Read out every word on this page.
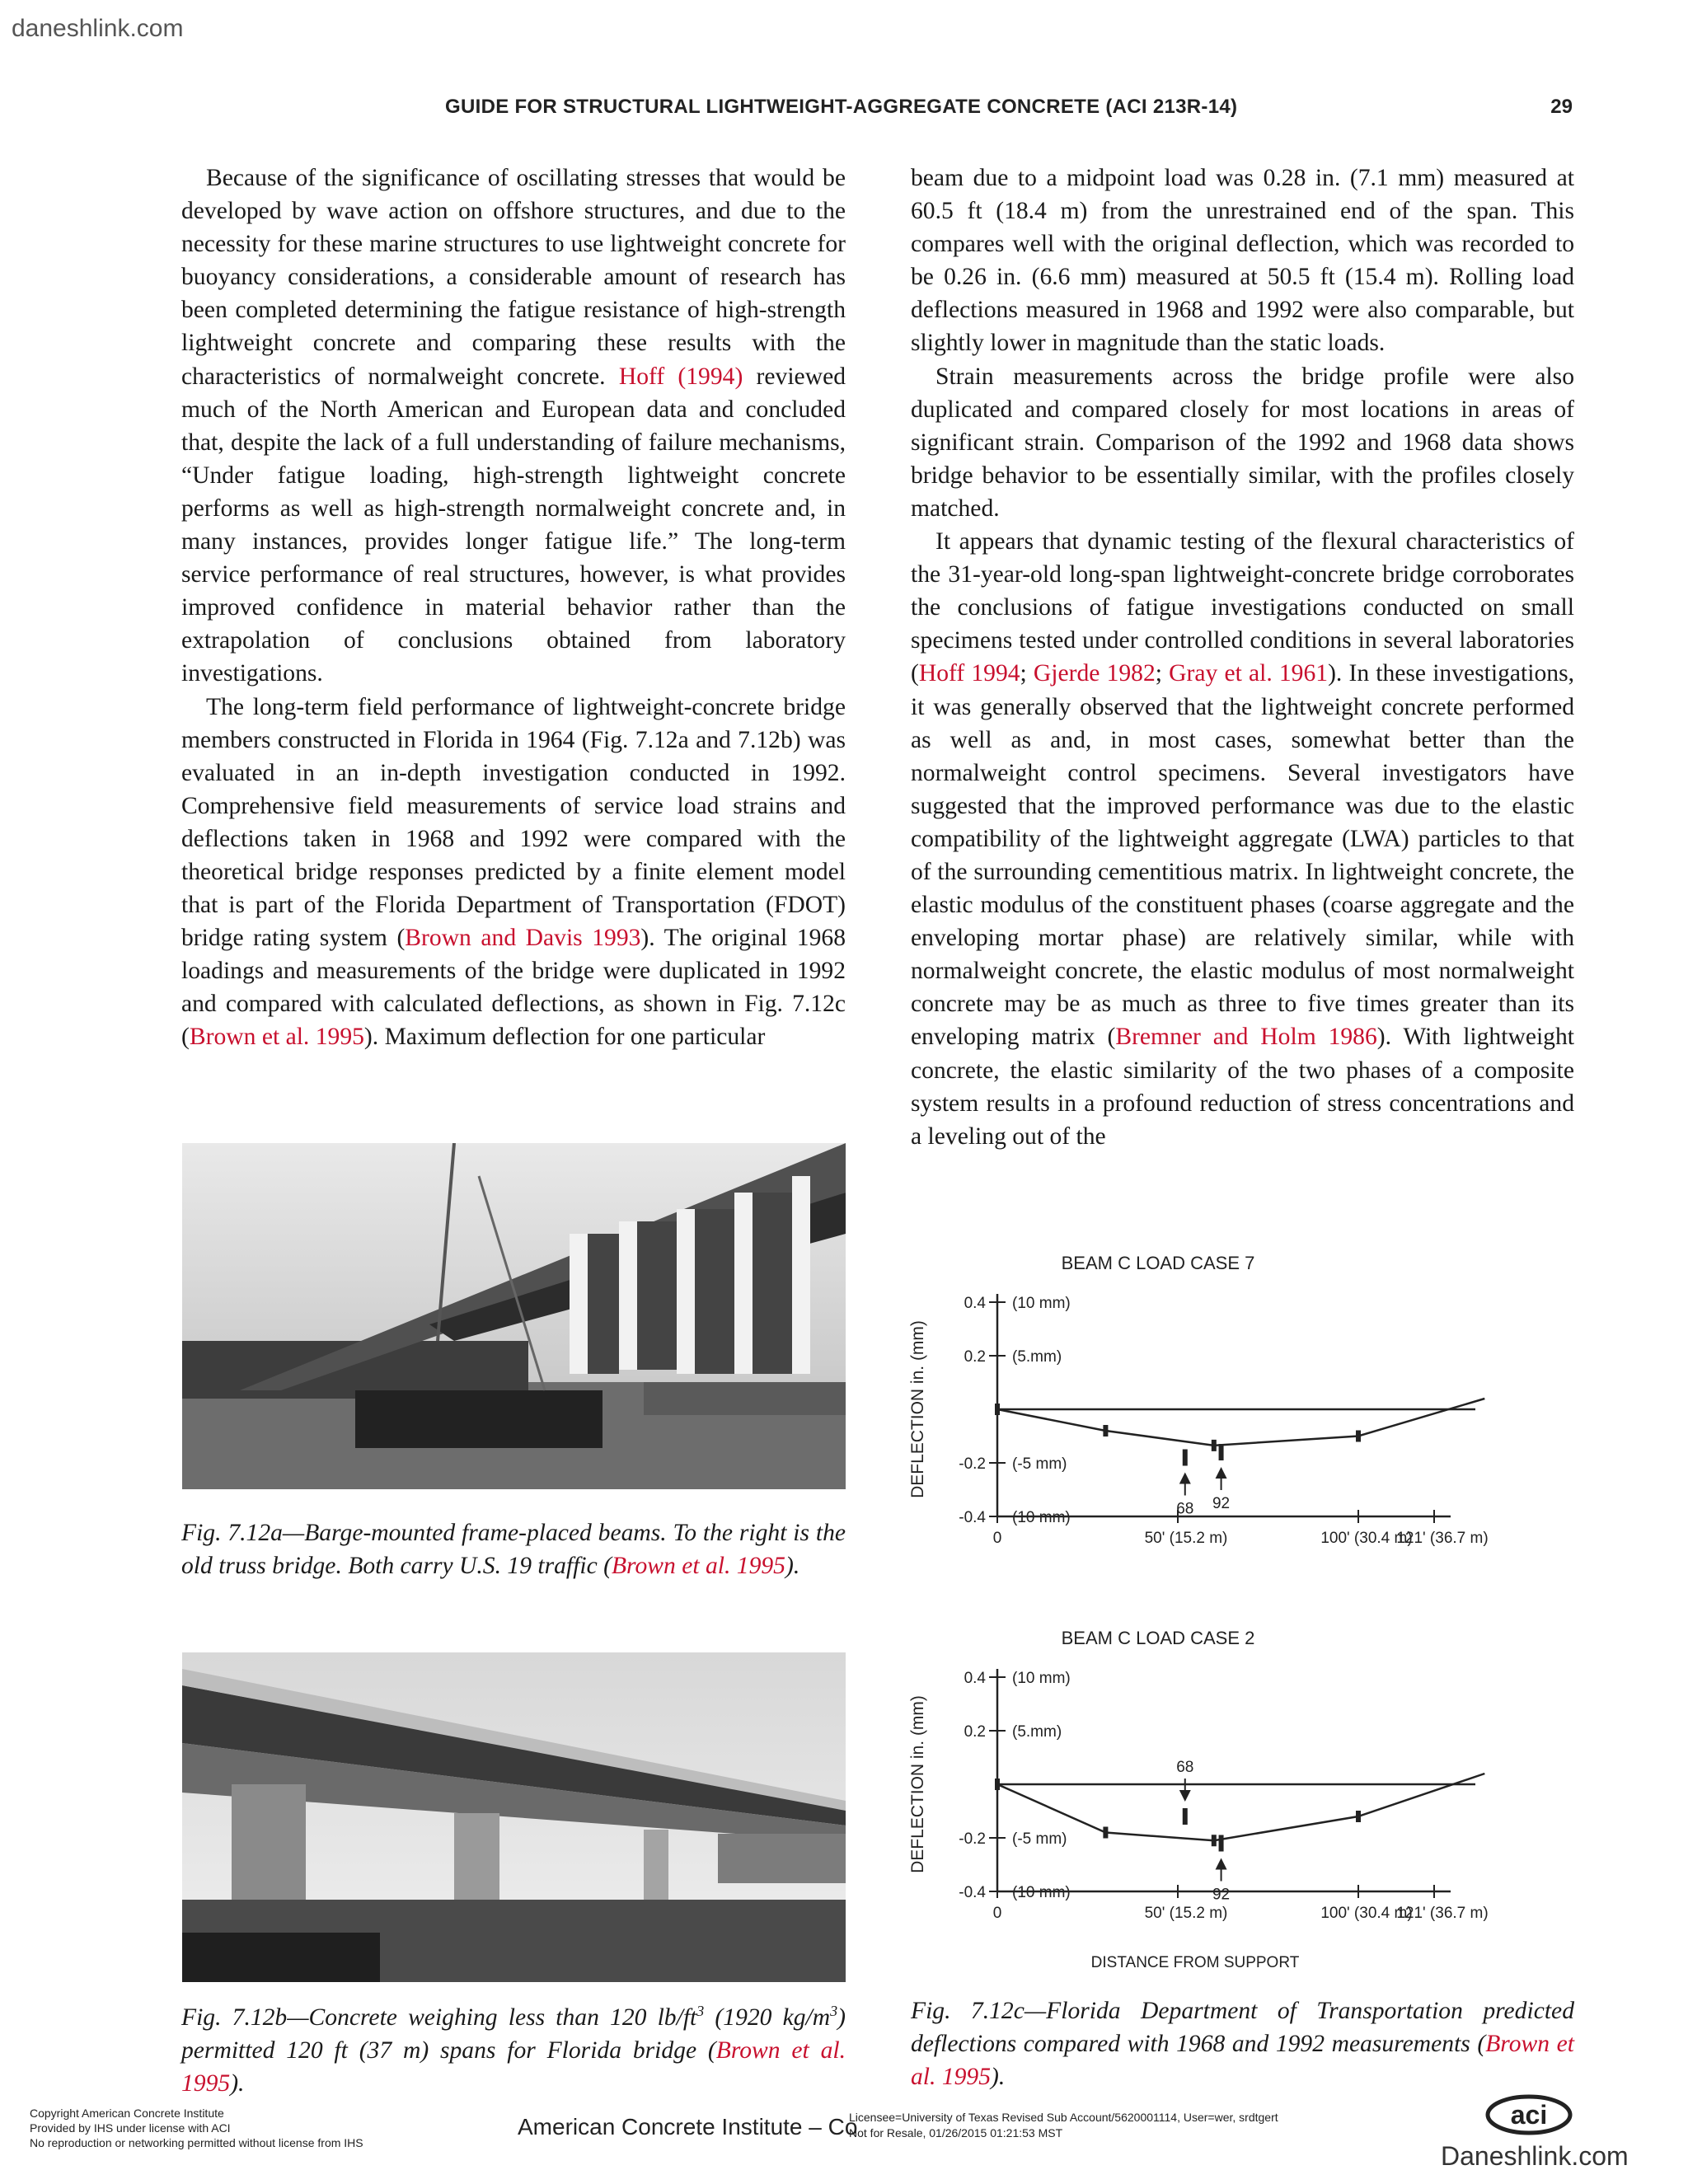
daneshlink.com
GUIDE FOR STRUCTURAL LIGHTWEIGHT-AGGREGATE CONCRETE (ACI 213R-14)	29

Because of the significance of oscillating stresses that would be developed by wave action on offshore structures, and due to the necessity for these marine structures to use lightweight concrete for buoyancy considerations, a considerable amount of research has been completed determining the fatigue resistance of high-strength lightweight concrete and comparing these results with the characteristics of normalweight concrete. Hoff (1994) reviewed much of the North American and European data and concluded that, despite the lack of a full understanding of failure mechanisms, “Under fatigue loading, high-strength lightweight concrete performs as well as high-strength normalweight concrete and, in many instances, provides longer fatigue life.” The long-term service performance of real structures, however, is what provides improved confidence in material behavior rather than the extrapolation of conclusions obtained from laboratory investigations.

The long-term field performance of lightweight-concrete bridge members constructed in Florida in 1964 (Fig. 7.12a and 7.12b) was evaluated in an in-depth investigation conducted in 1992. Comprehensive field measurements of service load strains and deflections taken in 1968 and 1992 were compared with the theoretical bridge responses predicted by a finite element model that is part of the Florida Department of Transportation (FDOT) bridge rating system (Brown and Davis 1993). The original 1968 loadings and measurements of the bridge were duplicated in 1992 and compared with calculated deflections, as shown in Fig. 7.12c (Brown et al. 1995). Maximum deflection for one particular

beam due to a midpoint load was 0.28 in. (7.1 mm) measured at 60.5 ft (18.4 m) from the unrestrained end of the span. This compares well with the original deflection, which was recorded to be 0.26 in. (6.6 mm) measured at 50.5 ft (15.4 m). Rolling load deflections measured in 1968 and 1992 were also comparable, but slightly lower in magnitude than the static loads.

Strain measurements across the bridge profile were also duplicated and compared closely for most locations in areas of significant strain. Comparison of the 1992 and 1968 data shows bridge behavior to be essentially similar, with the profiles closely matched.

It appears that dynamic testing of the flexural characteristics of the 31-year-old long-span lightweight-concrete bridge corroborates the conclusions of fatigue investigations conducted on small specimens tested under controlled conditions in several laboratories (Hoff 1994; Gjerde 1982; Gray et al. 1961). In these investigations, it was generally observed that the lightweight concrete performed as well as and, in most cases, somewhat better than the normalweight control specimens. Several investigators have suggested that the improved performance was due to the elastic compatibility of the lightweight aggregate (LWA) particles to that of the surrounding cementitious matrix. In lightweight concrete, the elastic modulus of the constituent phases (coarse aggregate and the enveloping mortar phase) are relatively similar, while with normalweight concrete, the elastic modulus of most normalweight concrete may be as much as three to five times greater than its enveloping matrix (Bremner and Holm 1986). With lightweight concrete, the elastic similarity of the two phases of a composite system results in a profound reduction of stress concentrations and a leveling out of the

Fig. 7.12a—Barge-mounted frame-placed beams. To the right is the old truss bridge. Both carry U.S. 19 traffic (Brown et al. 1995).
Fig. 7.12b—Concrete weighing less than 120 $lb/ft^3$ (1920 $kg/m^3$) permitted 120 ft (37 m) spans for Florida bridge (Brown et al. 1995).
BEAM C LOAD CASE 7
DEFLECTION in. (mm)
0.4 (10 mm)
0.2 (5.mm)
-0.2 (-5 mm)
-0.4 (10 mm)
0	50' (15.2 m)	100' (30.4 m)
121' (36.7 m)
68 92
BEAM C LOAD CASE 2
DEFLECTION in. (mm)
0.4 (10 mm)
0.2 (5.mm)
-0.2 (-5 mm)
-0.4 (10 mm)
0	50' (15.2 m)	100' (30.4 m)
121' (36.7 m)
DISTANCE FROM SUPPORT
68
92
Fig. 7.12c—Florida Department of Transportation predicted deflections compared with 1968 and 1992 measurements (Brown et al. 1995).
Copyright American Concrete Institute
Provided by IHS under license with ACI
No reproduction or networking permitted without license from IHS
American Concrete Institute – Co
Licensee=University of Texas Revised Sub Account/5620001114, User=wer, srdtgert
Not for Resale, 01/26/2015 01:21:53 MST
aci
Daneshlink.com
